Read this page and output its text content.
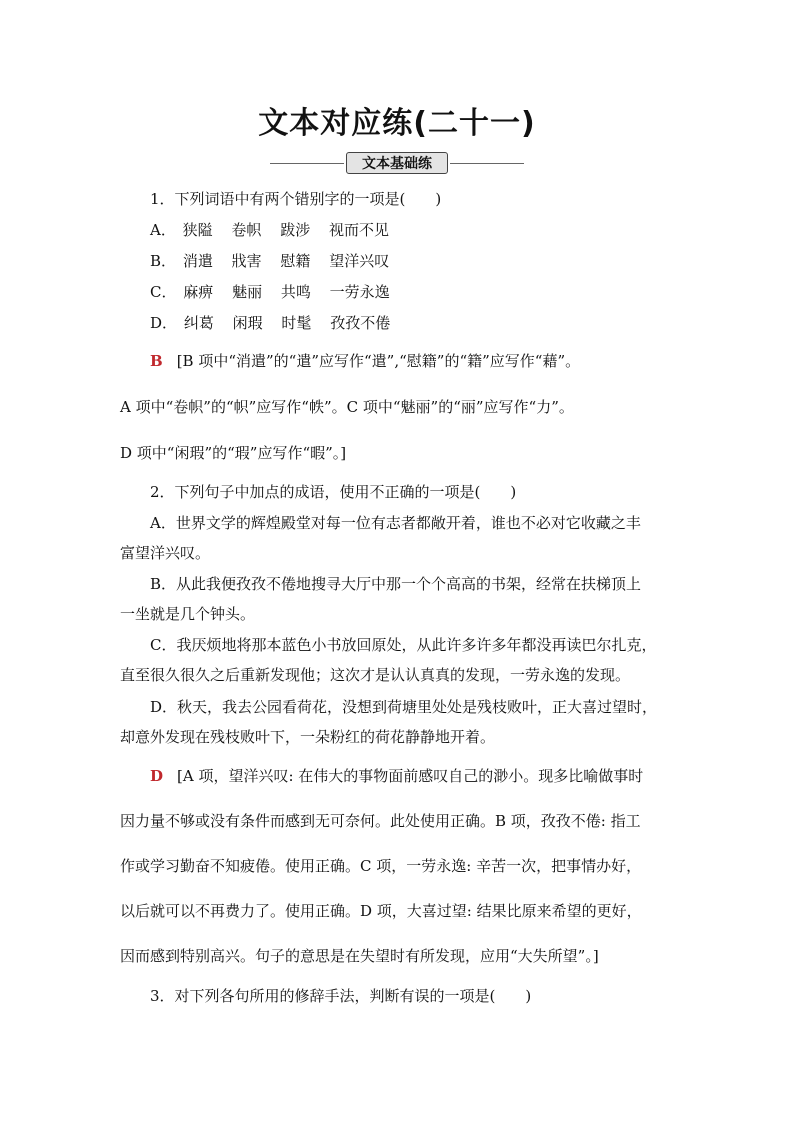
文本对应练(二十一)
文本基础练
1．下列词语中有两个错别字的一项是(　　)
A． 狭隘 卷帜 跋涉 视而不见
B． 消遣 戕害 慰籍 望洋兴叹
C． 麻痹 魅丽 共鸣 一劳永逸
D． 纠葛 闲瑕 时髦 孜孜不倦
B [B 项中“消遣”的“遣”应写作“遣”,“慰籍”的“籍”应写作“藉”。
A 项中“卷帜”的“帜”应写作“帙”。C 项中“魅丽”的“丽”应写作“力”。
D 项中“闲瑕”的“瑕”应写作“暇”。]
2．下列句子中加点的成语，使用不正确的一项是(　　)
A．世界文学的辉煌殿堂对每一位有志者都敞开着，谁也不必对它收藏之丰
富望洋兴叹。
B．从此我便孜孜不倦地搜寻大厅中那一个个高高的书架，经常在扶梯顶上
一坐就是几个钟头。
C．我厌烦地将那本蓝色小书放回原处，从此许多许多年都没再读巴尔扎克，
直至很久很久之后重新发现他；这次才是认认真真的发现，一劳永逸的发现。
D．秋天，我去公园看荷花，没想到荷塘里处处是残枝败叶，正大喜过望时，
却意外发现在残枝败叶下，一朵粉红的荷花静静地开着。
D [A 项，望洋兴叹: 在伟大的事物面前感叹自己的渺小。现多比喻做事时
因力量不够或没有条件而感到无可奈何。此处使用正确。B 项，孜孜不倦: 指工
作或学习勤奋不知疲倦。使用正确。C 项，一劳永逸: 辛苦一次，把事情办好，
以后就可以不再费力了。使用正确。D 项，大喜过望: 结果比原来希望的更好，
因而感到特别高兴。句子的意思是在失望时有所发现，应用“大失所望”。]
3．对下列各句所用的修辞手法，判断有误的一项是(　　)
